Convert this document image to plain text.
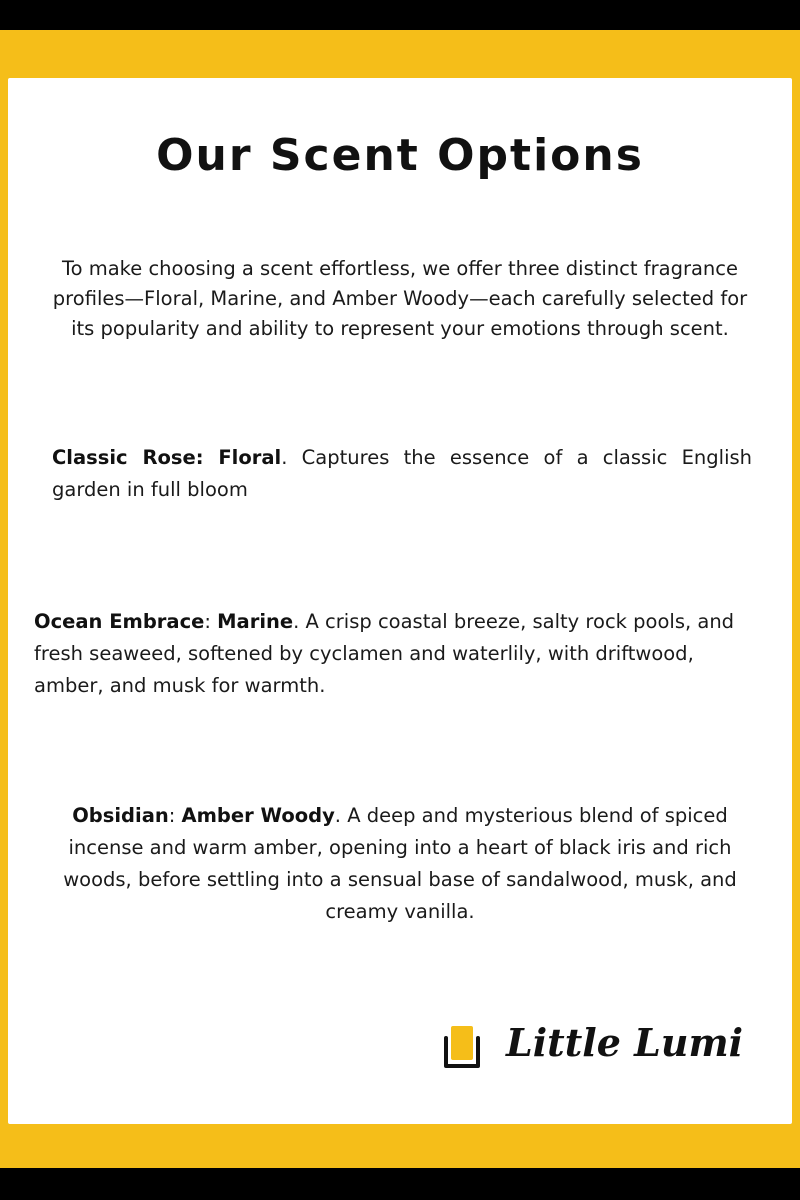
Our Scent Options

To make choosing a scent effortless, we offer three distinct fragrance profiles—Floral, Marine, and Amber Woody—each carefully selected for its popularity and ability to represent your emotions through scent.

Classic Rose: Floral. Captures the essence of a classic English garden in full bloom

Ocean Embrace: Marine. A crisp coastal breeze, salty rock pools, and fresh seaweed, softened by cyclamen and waterlily, with driftwood, amber, and musk for warmth.

Obsidian: Amber Woody. A deep and mysterious blend of spiced incense and warm amber, opening into a heart of black iris and rich woods, before settling into a sensual base of sandalwood, musk, and creamy vanilla.

Little Lumi
